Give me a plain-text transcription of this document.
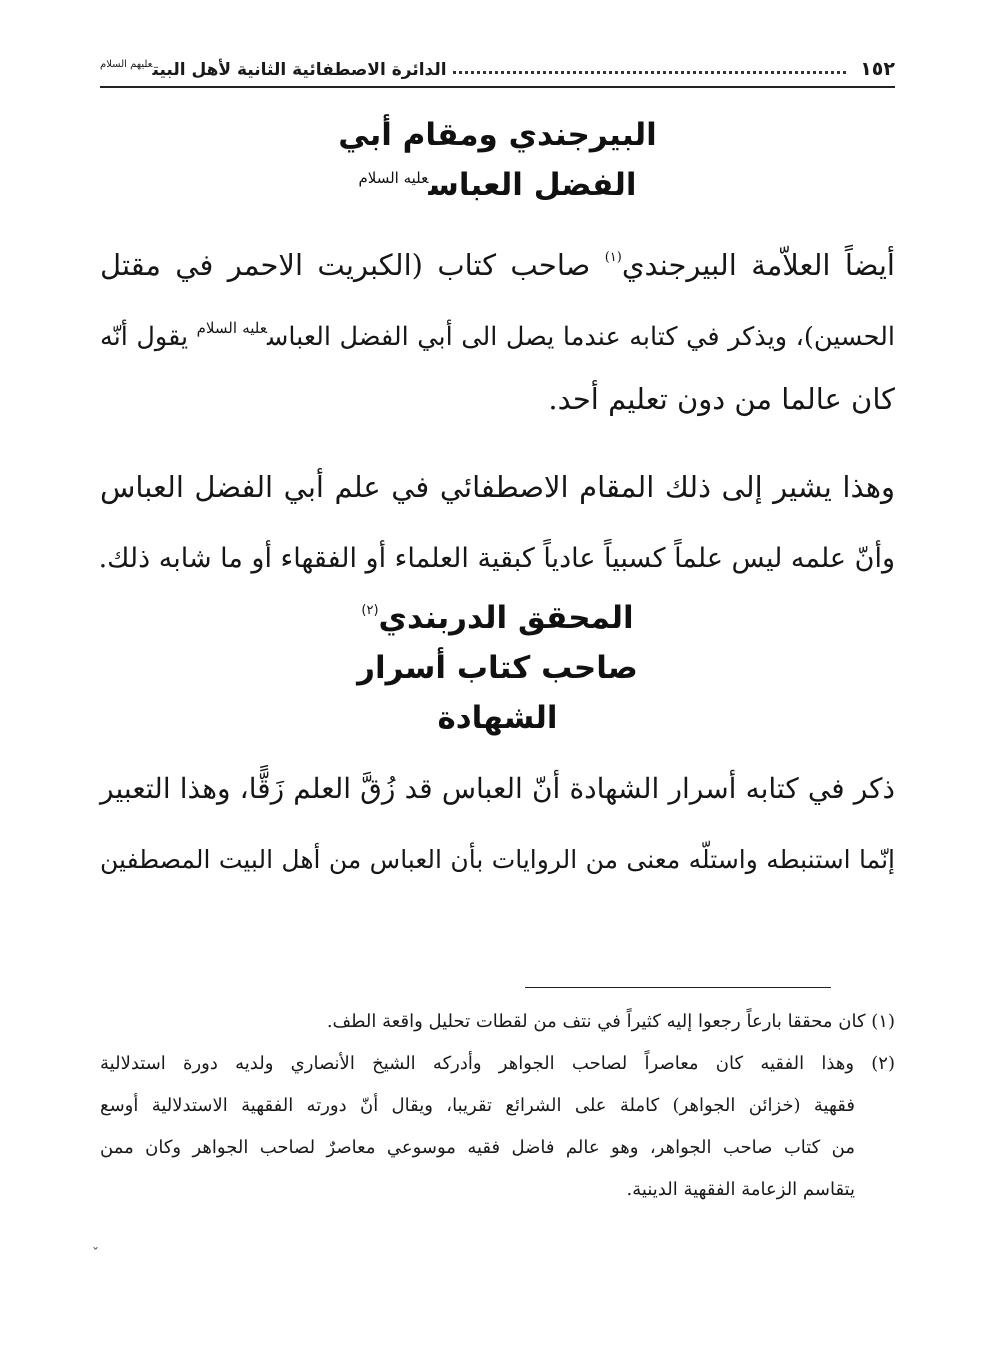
١٥٢
الدائرة الاصطفائية الثانية لأهل البيت$^{عليهم السلام}$
البيرجندي ومقام أبي
الفضل العباس$^{عليه السلام}$
أيضاً العلاّمة البيرجندي$^{(١)}$ صاحب كتاب (الكبريت الاحمر في مقتل
الحسين)، ويذكر في كتابه عندما يصل الى أبي الفضل العباس$^{عليه السلام}$ يقول أنّه
كان عالما من دون تعليم أحد.
وهذا يشير إلى ذلك المقام الاصطفائي في علم أبي الفضل العباس
وأنّ علمه ليس علماً كسبياً عادياً كبقية العلماء أو الفقهاء أو ما شابه ذلك.
المحقق الدربندي$^{(٢)}$
صاحب كتاب أسرار
الشهادة
ذكر في كتابه أسرار الشهادة أنّ العباس قد زُقَّ العلم زَقًّا، وهذا التعبير
إنّما استنبطه واستلّه معنى من الروايات بأن العباس من أهل البيت المصطفين
(١) كان محققا بارعاً رجعوا إليه كثيراً في نتف من لقطات تحليل واقعة الطف.
(٢) وهذا الفقيه كان معاصراً لصاحب الجواهر وأدركه الشيخ الأنصاري ولديه دورة استدلالية
فقهية (خزائن الجواهر) كاملة على الشرائع تقريبا، ويقال أنّ دورته الفقهية الاستدلالية أوسع
من كتاب صاحب الجواهر، وهو عالم فاضل فقيه موسوعي معاصرٌ لصاحب الجواهر وكان ممن
يتقاسم الزعامة الفقهية الدينية.
ˇ
